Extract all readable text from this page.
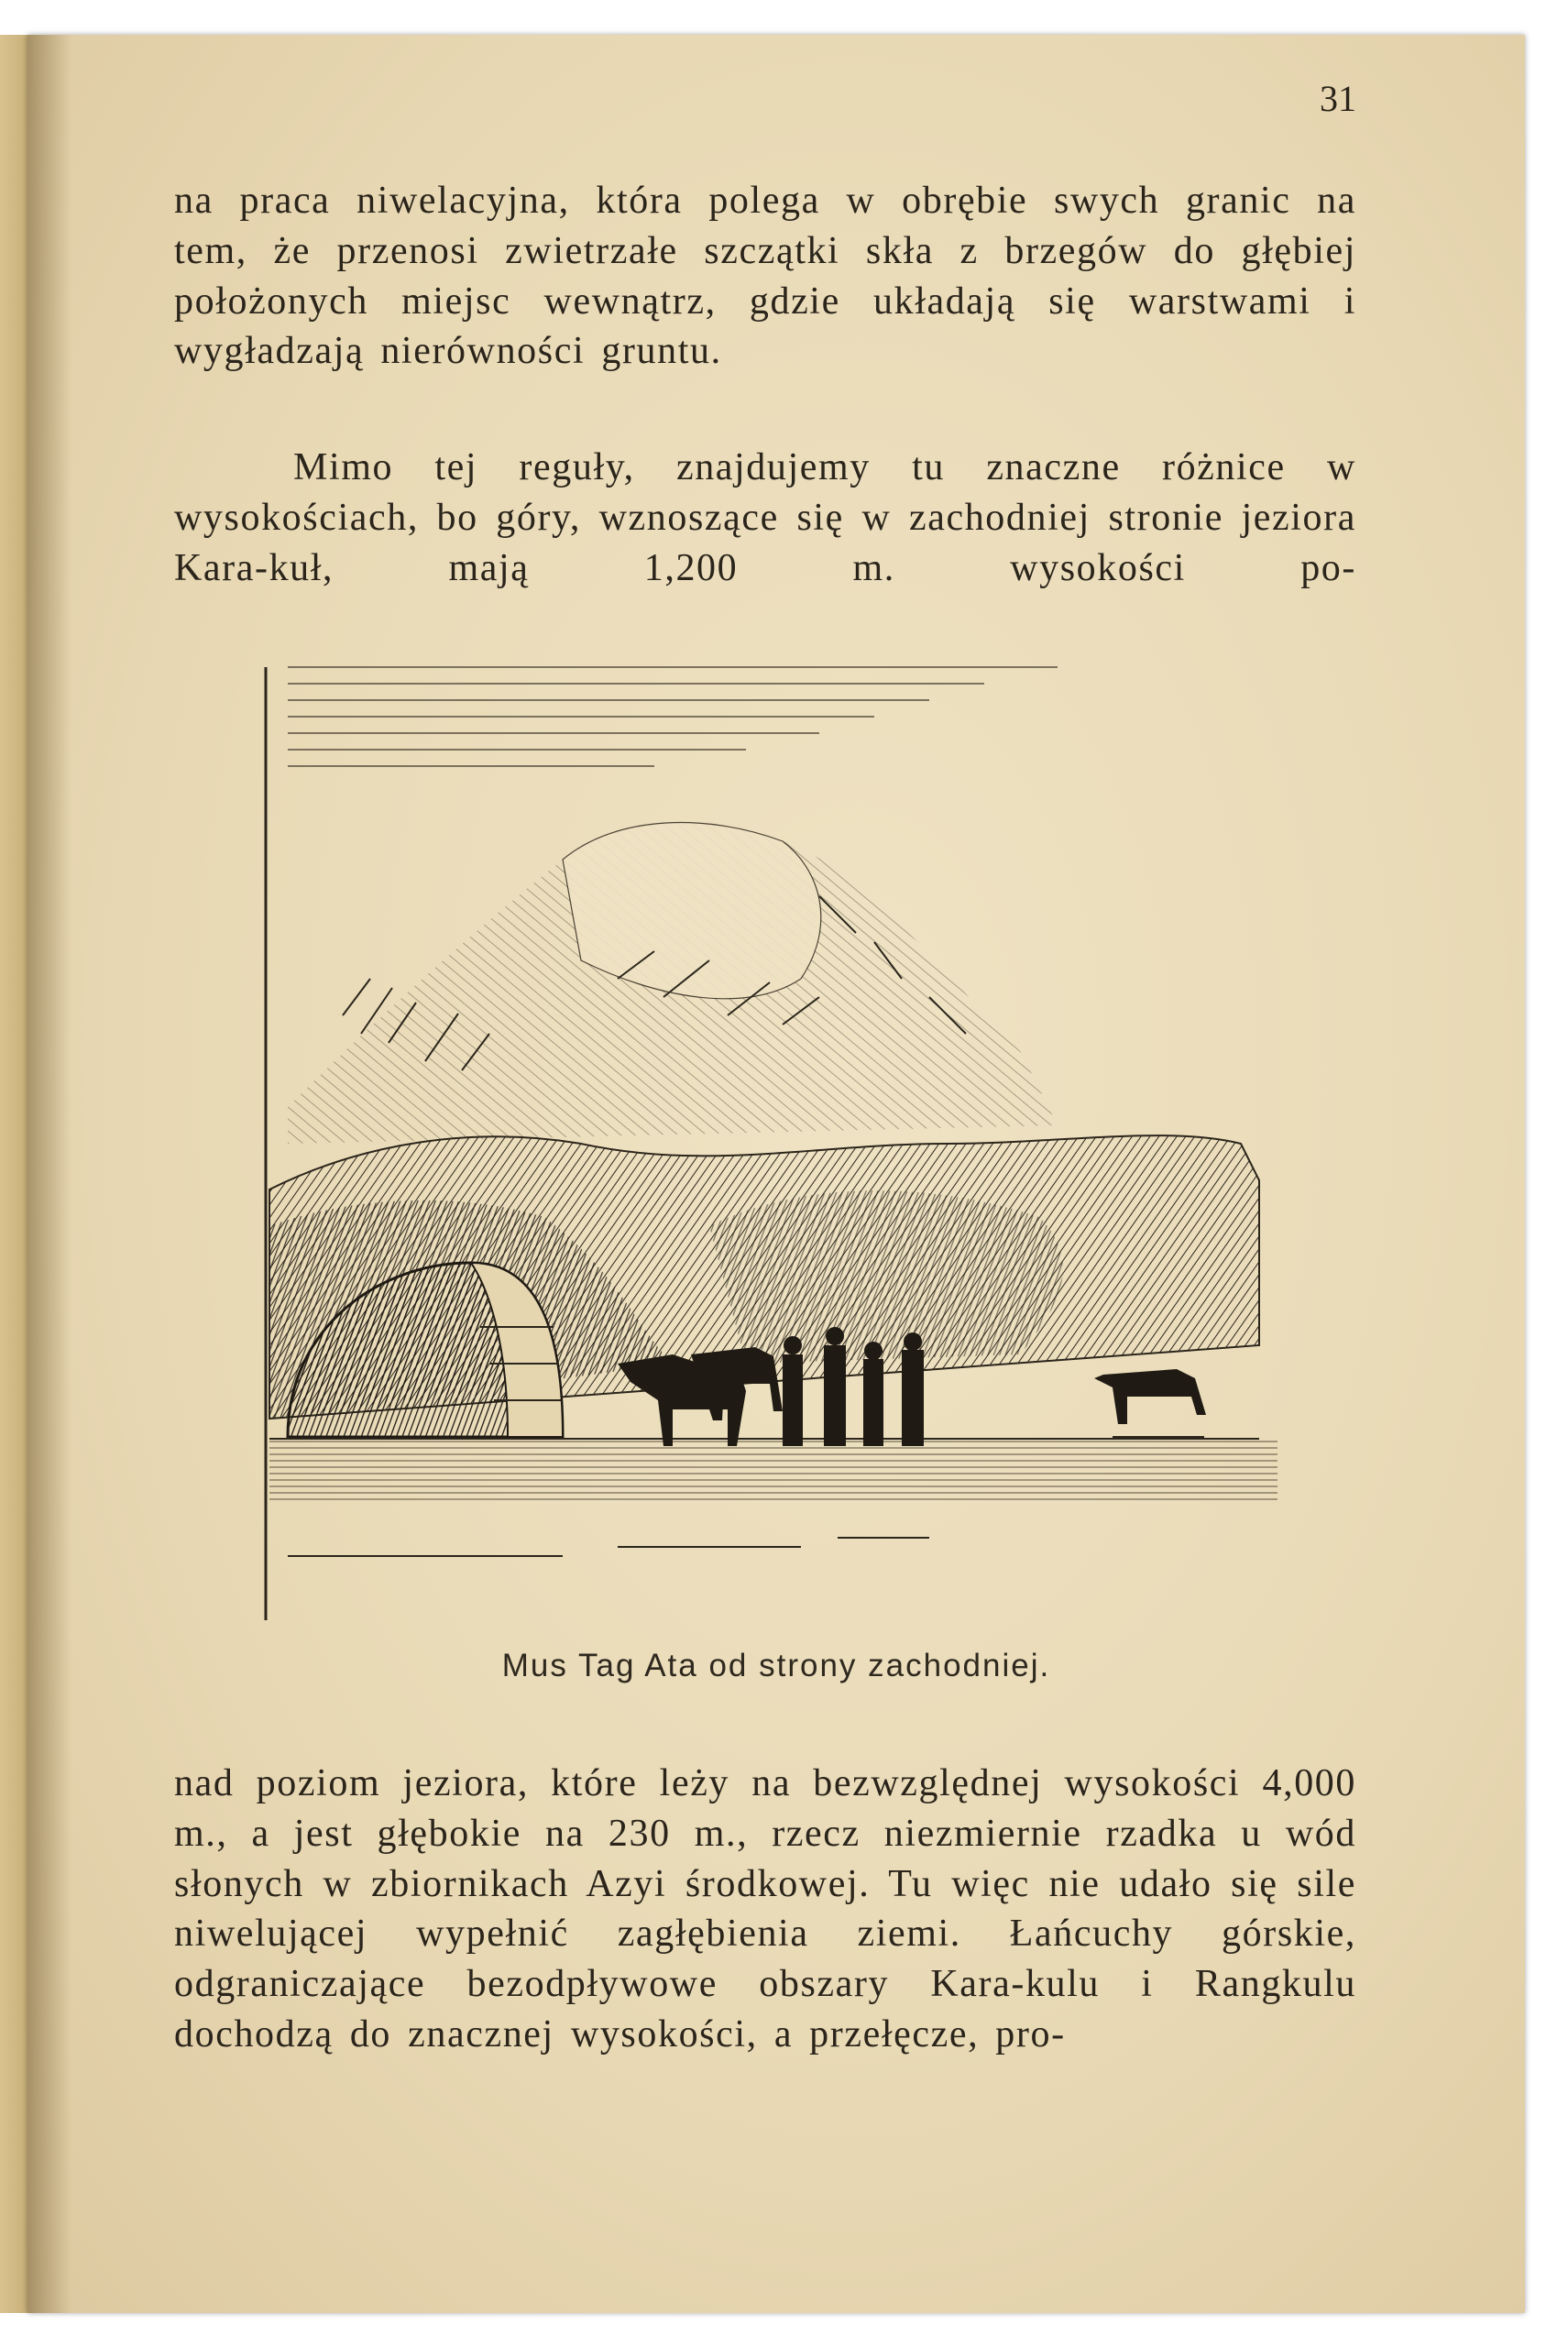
31

na praca niwelacyjna, która polega w obrębie swych granic na tem, że przenosi zwietrzałe szczątki skła z brzegów do głębiej położonych miejsc wewnątrz, gdzie układają się warstwami i wygładzają nierówności gruntu.

Mimo tej reguły, znajdujemy tu znaczne różnice w wysokościach, bo góry, wznoszące się w zachodniej stronie jeziora Kara-kuł, mają 1,200 m. wysokości po-

Mus Tag Ata od strony zachodniej.

nad poziom jeziora, które leży na bezwzględnej wysokości 4,000 m., a jest głębokie na 230 m., rzecz niezmiernie rzadka u wód słonych w zbiornikach Azyi środkowej. Tu więc nie udało się sile niwelującej wypełnić zagłębienia ziemi. Łańcuchy górskie, odgraniczające bezodpływowe obszary Kara-kulu i Rangkulu dochodzą do znacznej wysokości, a przełęcze, pro-
